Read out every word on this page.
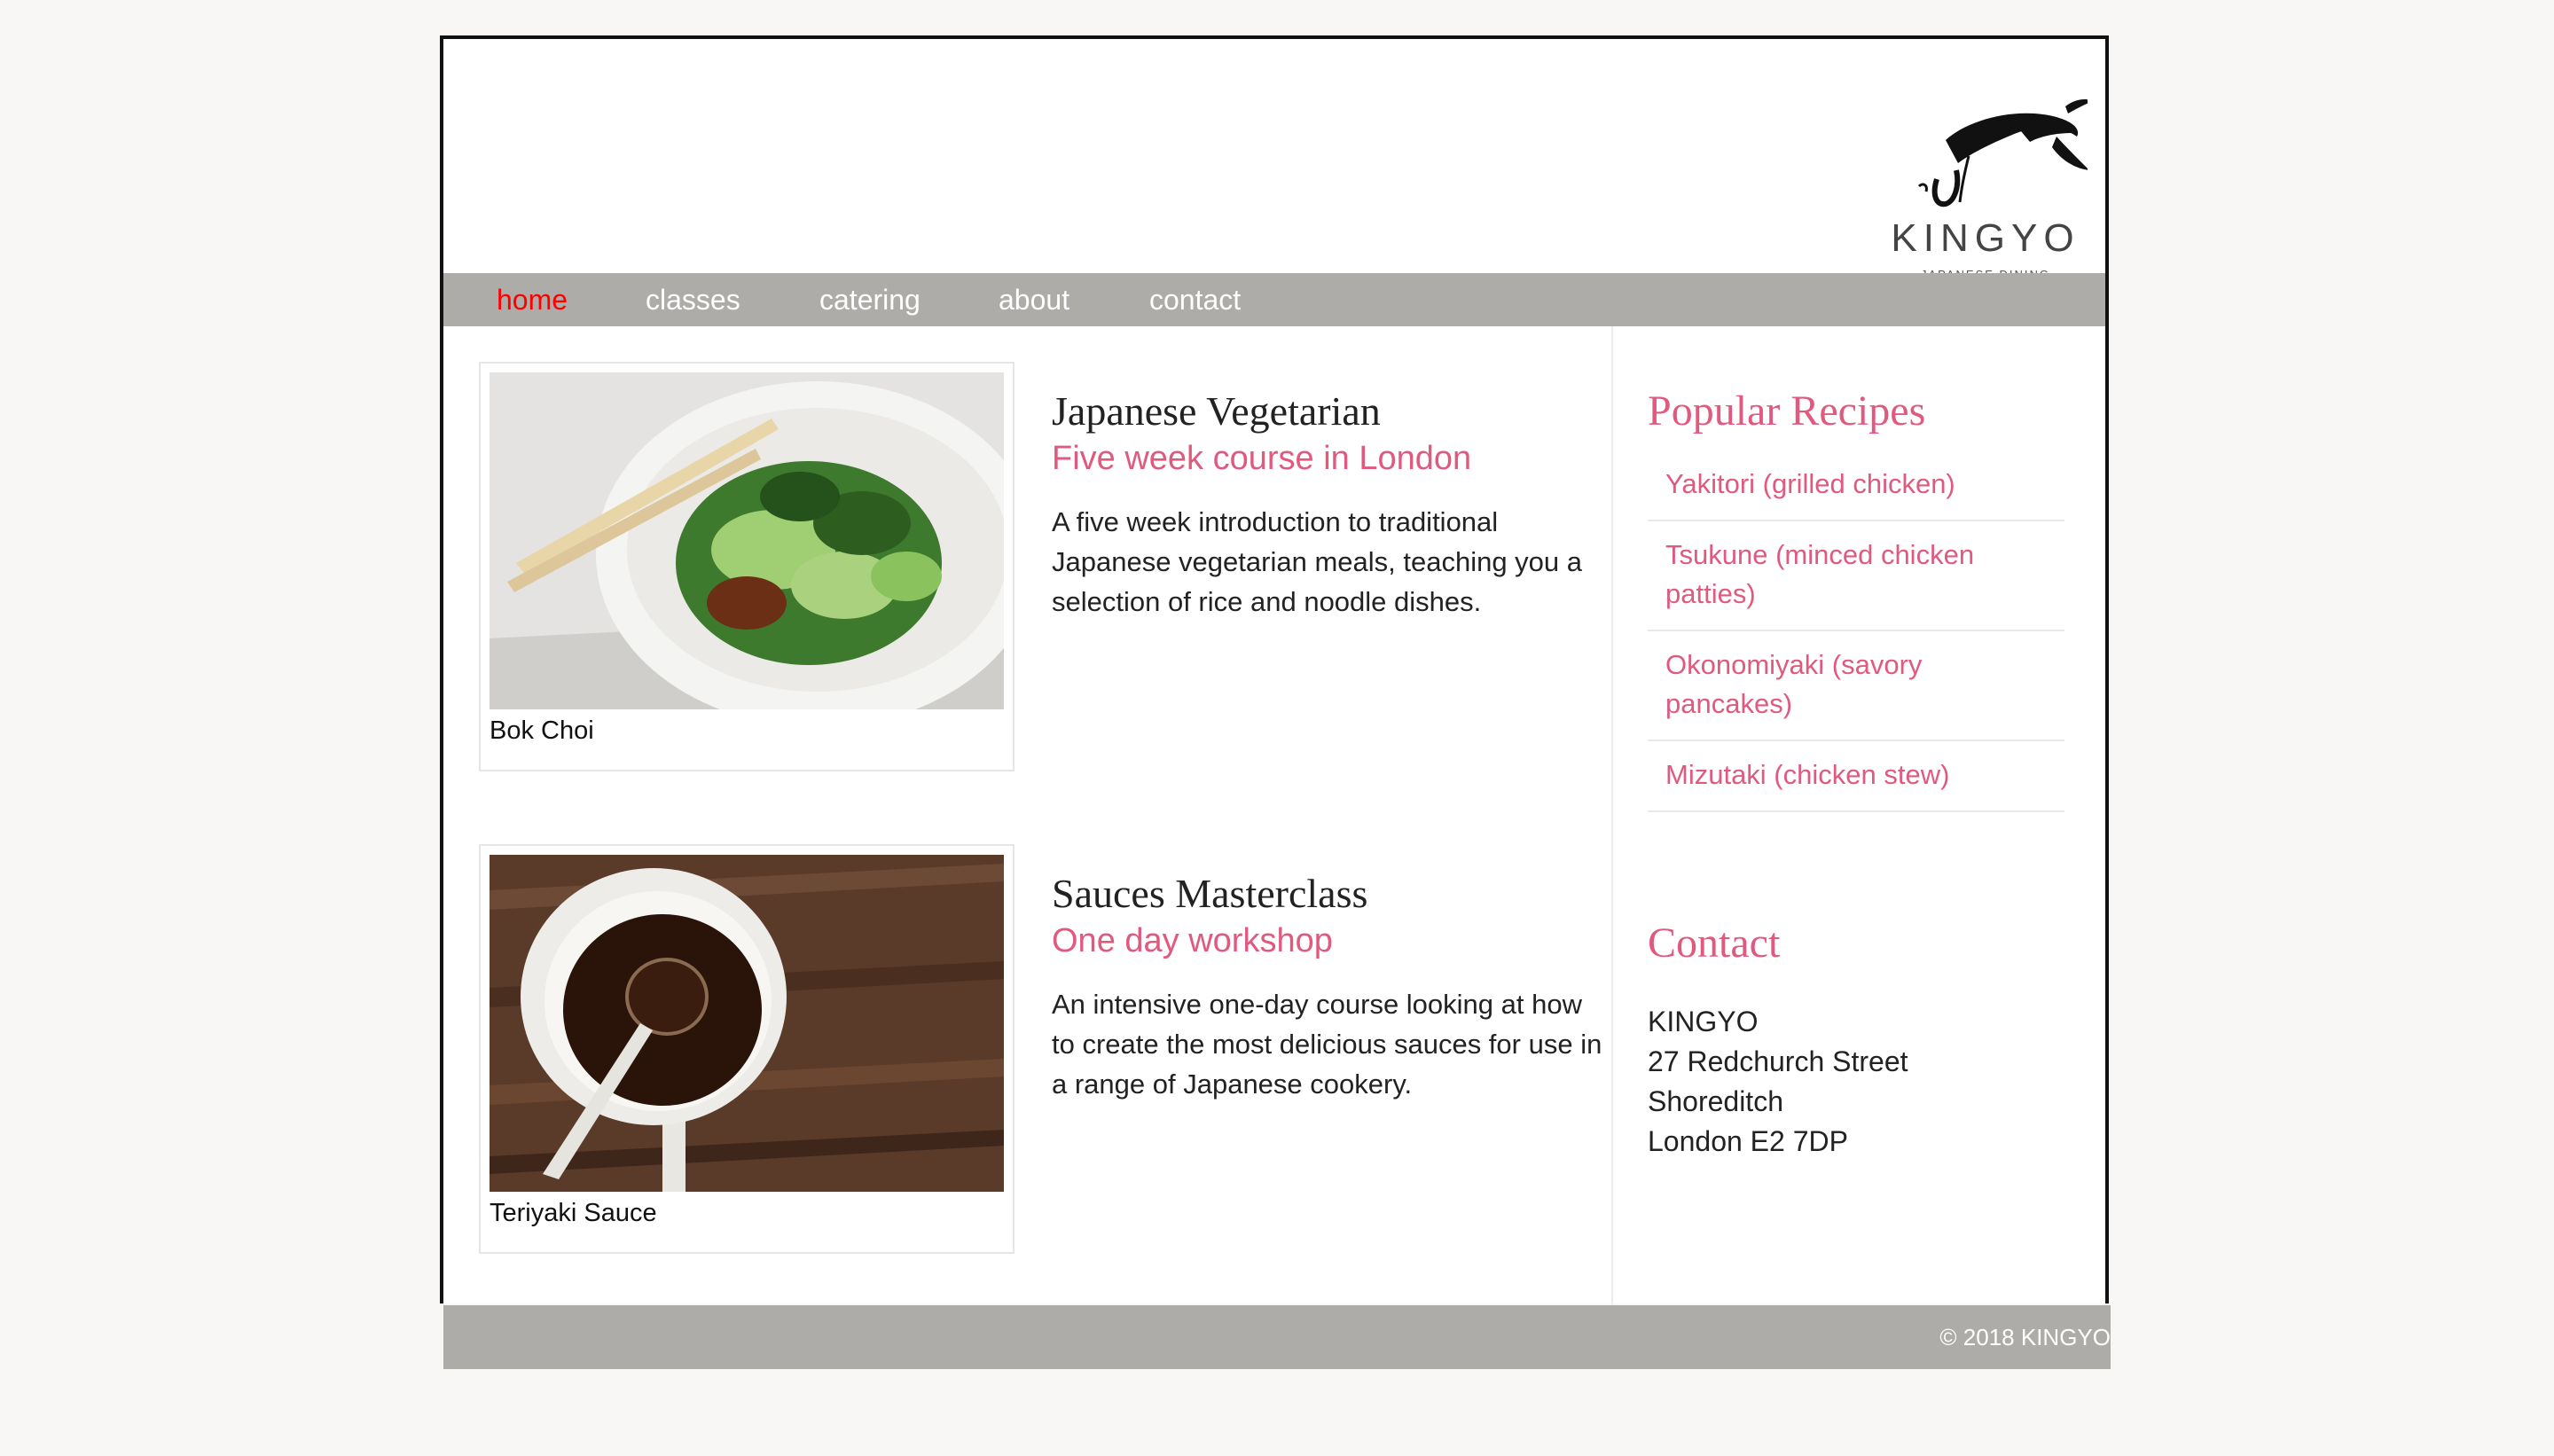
KINGYO
home	classes	catering	about	contact
Bok Choi
Japanese Vegetarian
Five week course in London

A five week introduction to traditional Japanese vegetarian meals, teaching you a selection of rice and noodle dishes.

Teriyaki Sauce
Sauces Masterclass
One day workshop

An intensive one-day course looking at how to create the most delicious sauces for use in a range of Japanese cookery.

Popular Recipes
Yakitori (grilled chicken)
Tsukune (minced chicken patties)
Okonomiyaki (savory pancakes)
Mizutaki (chicken stew)
Contact
KINGYO
27 Redchurch Street
Shoreditch
London E2 7DP
© 2018 KINGYO
